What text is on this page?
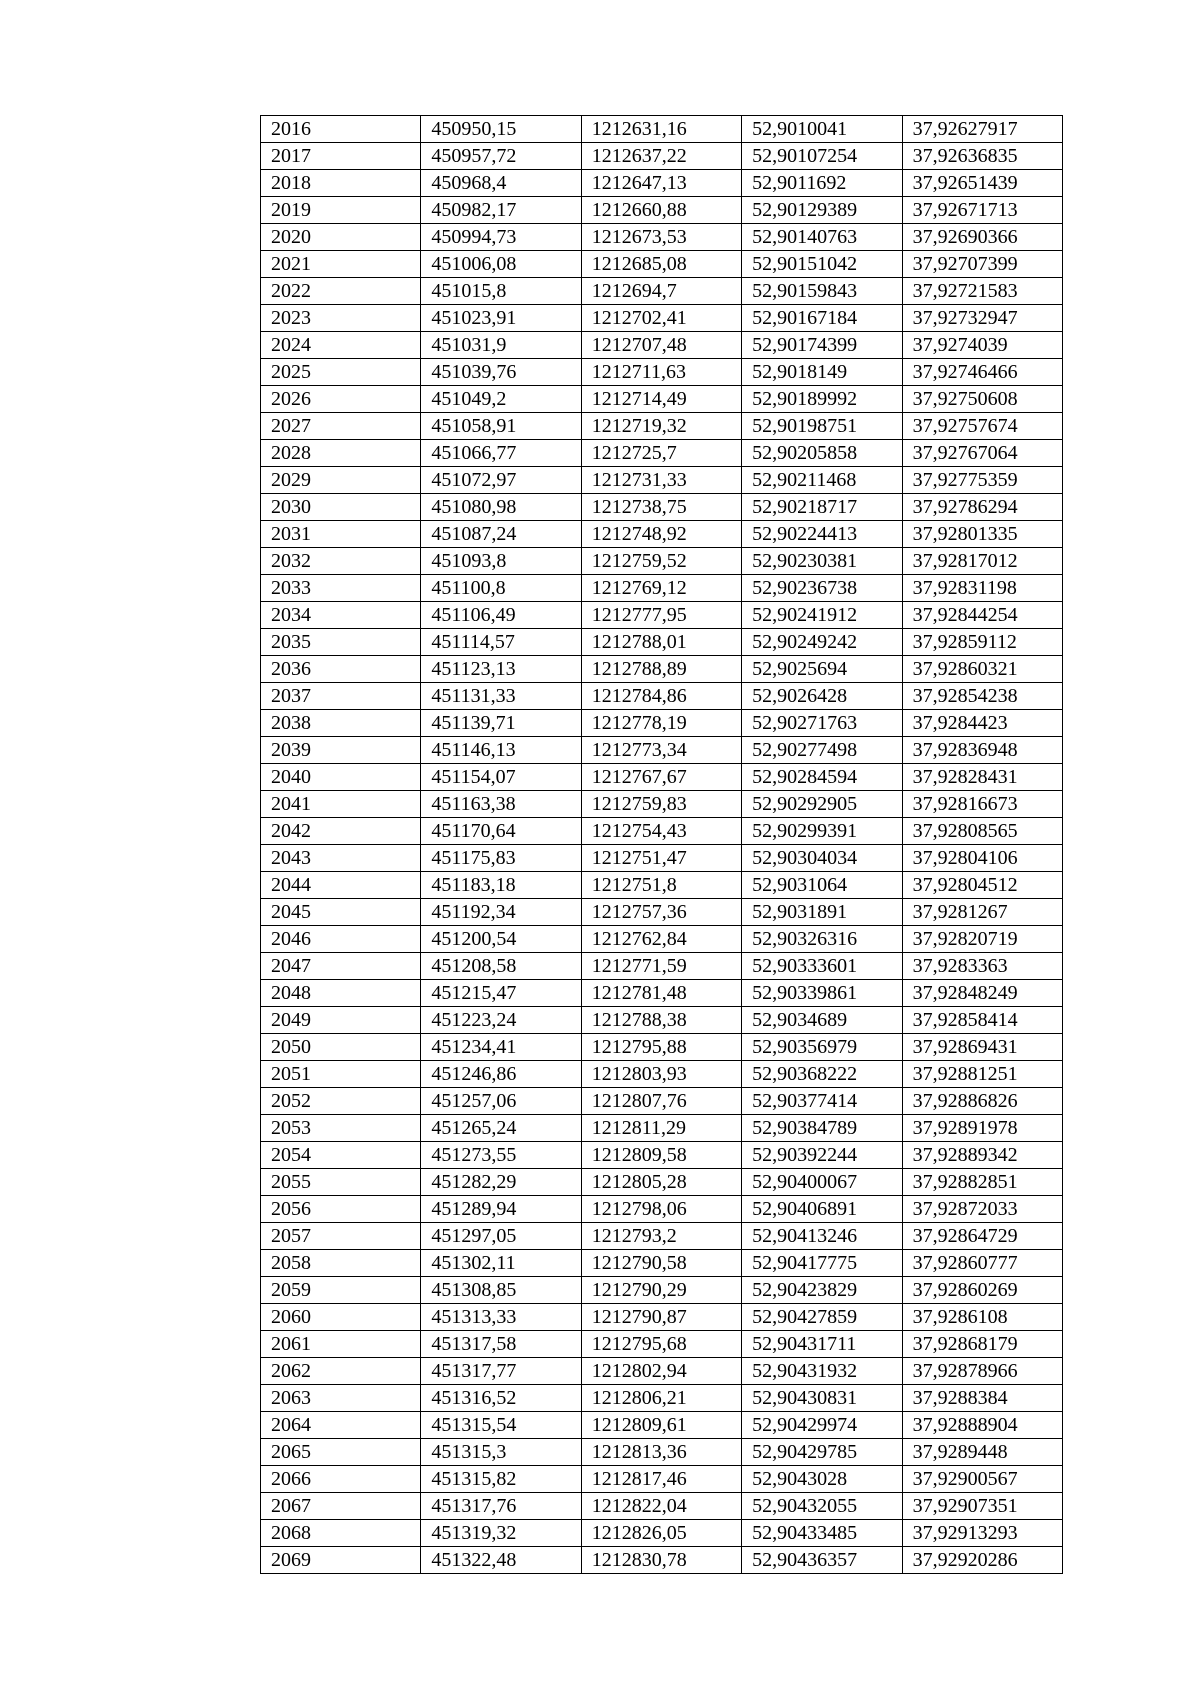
2016	450950,15	1212631,16	52,9010041	37,92627917
2017	450957,72	1212637,22	52,90107254	37,92636835
2018	450968,4	1212647,13	52,9011692	37,92651439
2019	450982,17	1212660,88	52,90129389	37,92671713
2020	450994,73	1212673,53	52,90140763	37,92690366
2021	451006,08	1212685,08	52,90151042	37,92707399
2022	451015,8	1212694,7	52,90159843	37,92721583
2023	451023,91	1212702,41	52,90167184	37,92732947
2024	451031,9	1212707,48	52,90174399	37,9274039
2025	451039,76	1212711,63	52,9018149	37,92746466
2026	451049,2	1212714,49	52,90189992	37,92750608
2027	451058,91	1212719,32	52,90198751	37,92757674
2028	451066,77	1212725,7	52,90205858	37,92767064
2029	451072,97	1212731,33	52,90211468	37,92775359
2030	451080,98	1212738,75	52,90218717	37,92786294
2031	451087,24	1212748,92	52,90224413	37,92801335
2032	451093,8	1212759,52	52,90230381	37,92817012
2033	451100,8	1212769,12	52,90236738	37,92831198
2034	451106,49	1212777,95	52,90241912	37,92844254
2035	451114,57	1212788,01	52,90249242	37,92859112
2036	451123,13	1212788,89	52,9025694	37,92860321
2037	451131,33	1212784,86	52,9026428	37,92854238
2038	451139,71	1212778,19	52,90271763	37,9284423
2039	451146,13	1212773,34	52,90277498	37,92836948
2040	451154,07	1212767,67	52,90284594	37,92828431
2041	451163,38	1212759,83	52,90292905	37,92816673
2042	451170,64	1212754,43	52,90299391	37,92808565
2043	451175,83	1212751,47	52,90304034	37,92804106
2044	451183,18	1212751,8	52,9031064	37,92804512
2045	451192,34	1212757,36	52,9031891	37,9281267
2046	451200,54	1212762,84	52,90326316	37,92820719
2047	451208,58	1212771,59	52,90333601	37,9283363
2048	451215,47	1212781,48	52,90339861	37,92848249
2049	451223,24	1212788,38	52,9034689	37,92858414
2050	451234,41	1212795,88	52,90356979	37,92869431
2051	451246,86	1212803,93	52,90368222	37,92881251
2052	451257,06	1212807,76	52,90377414	37,92886826
2053	451265,24	1212811,29	52,90384789	37,92891978
2054	451273,55	1212809,58	52,90392244	37,92889342
2055	451282,29	1212805,28	52,90400067	37,92882851
2056	451289,94	1212798,06	52,90406891	37,92872033
2057	451297,05	1212793,2	52,90413246	37,92864729
2058	451302,11	1212790,58	52,90417775	37,92860777
2059	451308,85	1212790,29	52,90423829	37,92860269
2060	451313,33	1212790,87	52,90427859	37,9286108
2061	451317,58	1212795,68	52,90431711	37,92868179
2062	451317,77	1212802,94	52,90431932	37,92878966
2063	451316,52	1212806,21	52,90430831	37,9288384
2064	451315,54	1212809,61	52,90429974	37,92888904
2065	451315,3	1212813,36	52,90429785	37,9289448
2066	451315,82	1212817,46	52,9043028	37,92900567
2067	451317,76	1212822,04	52,90432055	37,92907351
2068	451319,32	1212826,05	52,90433485	37,92913293
2069	451322,48	1212830,78	52,90436357	37,92920286
